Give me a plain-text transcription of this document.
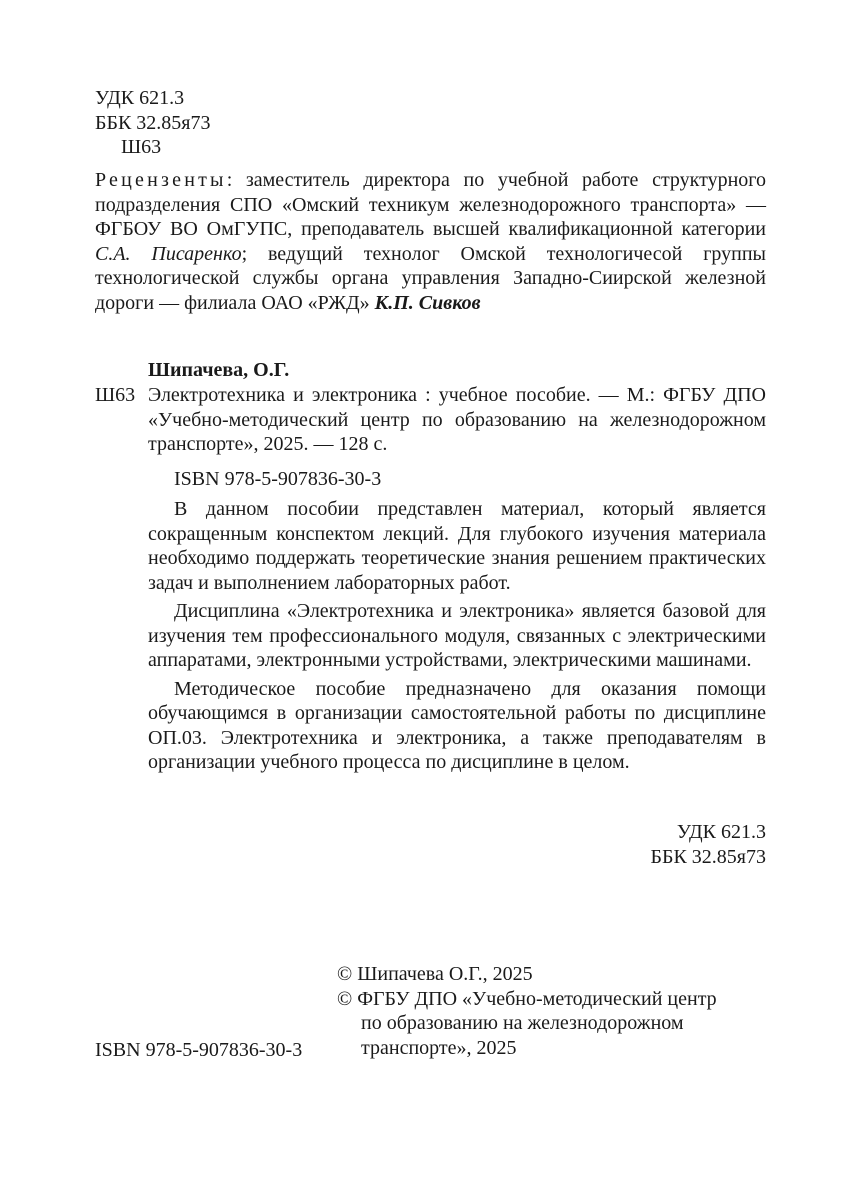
УДК 621.3
ББК 32.85я73
Ш63
Рецензенты: заместитель директора по учебной работе структурного подразделения СПО «Омский техникум железнодорожного транспорта» — ФГБОУ ВО ОмГУПС, преподаватель высшей квалификационной категории С.А. Писаренко; ведущий технолог Омской технологичесой группы технологической службы органа управления Западно-Сиирской железной дороги — филиала ОАО «РЖД» К.П. Сивков
Шипачева, О.Г.
Ш63 Электротехника и электроника : учебное пособие. — М.: ФГБУ ДПО «Учебно-методический центр по образованию на железнодорожном транспорте», 2025. — 128 с.
ISBN 978-5-907836-30-3

В данном пособии представлен материал, который является сокращенным конспектом лекций. Для глубокого изучения материала необходимо поддержать теоретические знания решением практических задач и выполнением лабораторных работ.

Дисциплина «Электротехника и электроника» является базовой для изучения тем профессионального модуля, связанных с электрическими аппаратами, электронными устройствами, электрическими машинами.

Методическое пособие предназначено для оказания помощи обучающимся в организации самостоятельной работы по дисциплине ОП.03. Электротехника и электроника, а также преподавателям в организации учебного процесса по дисциплине в целом.

УДК 621.3
ББК 32.85я73
© Шипачева О.Г., 2025
© ФГБУ ДПО «Учебно-методический центр
по образованию на железнодорожном транспорте», 2025
ISBN 978-5-907836-30-3
